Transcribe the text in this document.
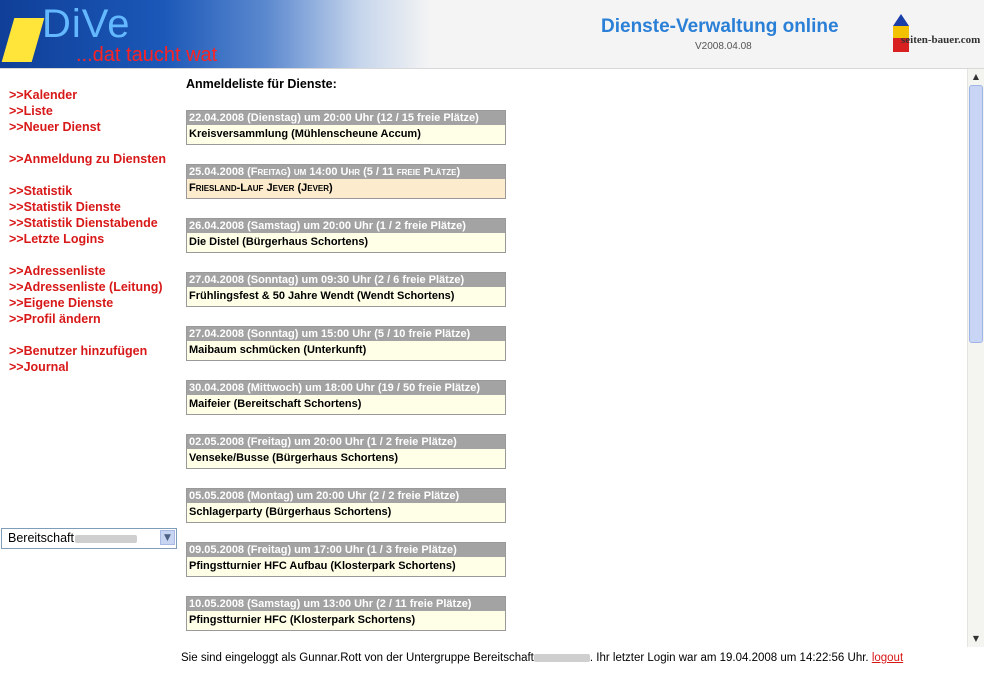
DiVe
...dat taucht wat
Dienste-Verwaltung online
V2008.04.08
seiten-bauer.com
>>Kalender
>>Liste
>>Neuer Dienst
>>Anmeldung zu Diensten
>>Statistik
>>Statistik Dienste
>>Statistik Dienstabende
>>Letzte Logins
>>Adressenliste
>>Adressenliste (Leitung)
>>Eigene Dienste
>>Profil ändern
>>Benutzer hinzufügen
>>Journal
Bereitschaft	▼
Anmeldeliste für Dienste:
22.04.2008 (Dienstag) um 20:00 Uhr (12 / 15 freie Plätze)
Kreisversammlung (Mühlenscheune Accum)
25.04.2008 (Freitag) um 14:00 Uhr (5 / 11 freie Plätze)
Friesland-Lauf Jever (Jever)
26.04.2008 (Samstag) um 20:00 Uhr (1 / 2 freie Plätze)
Die Distel (Bürgerhaus Schortens)
27.04.2008 (Sonntag) um 09:30 Uhr (2 / 6 freie Plätze)
Frühlingsfest & 50 Jahre Wendt (Wendt Schortens)
27.04.2008 (Sonntag) um 15:00 Uhr (5 / 10 freie Plätze)
Maibaum schmücken (Unterkunft)
30.04.2008 (Mittwoch) um 18:00 Uhr (19 / 50 freie Plätze)
Maifeier (Bereitschaft Schortens)
02.05.2008 (Freitag) um 20:00 Uhr (1 / 2 freie Plätze)
Venseke/Busse (Bürgerhaus Schortens)
05.05.2008 (Montag) um 20:00 Uhr (2 / 2 freie Plätze)
Schlagerparty (Bürgerhaus Schortens)
09.05.2008 (Freitag) um 17:00 Uhr (1 / 3 freie Plätze)
Pfingstturnier HFC Aufbau (Klosterpark Schortens)
10.05.2008 (Samstag) um 13:00 Uhr (2 / 11 freie Plätze)
Pfingstturnier HFC (Klosterpark Schortens)
▲
▼
Sie sind eingeloggt als Gunnar.Rott von der Untergruppe Bereitschaft	. Ihr letzter Login war am 19.04.2008 um 14:22:56 Uhr. logout
